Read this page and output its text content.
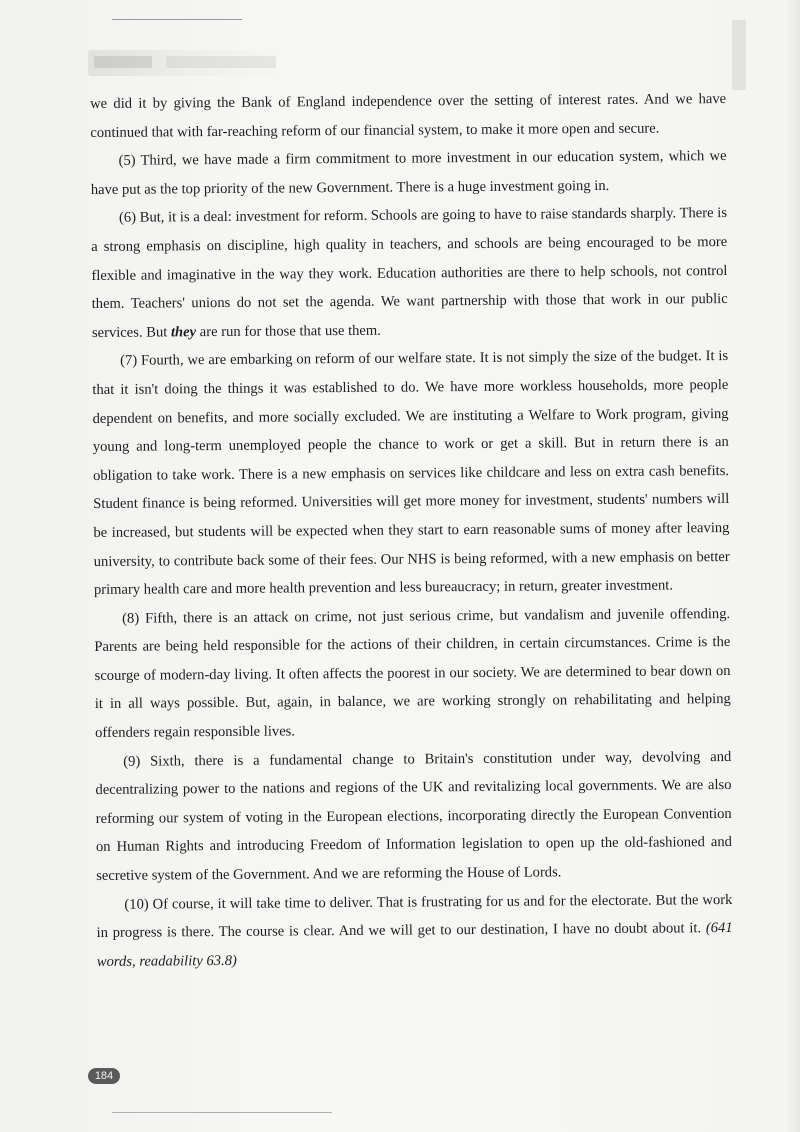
we did it by giving the Bank of England independence over the setting of interest rates. And we have continued that with far-reaching reform of our financial system, to make it more open and secure.

(5) Third, we have made a firm commitment to more investment in our education system, which we have put as the top priority of the new Government. There is a huge investment going in.

(6) But, it is a deal: investment for reform. Schools are going to have to raise standards sharply. There is a strong emphasis on discipline, high quality in teachers, and schools are being encouraged to be more flexible and imaginative in the way they work. Education authorities are there to help schools, not control them. Teachers' unions do not set the agenda. We want partnership with those that work in our public services. But they are run for those that use them.

(7) Fourth, we are embarking on reform of our welfare state. It is not simply the size of the budget. It is that it isn't doing the things it was established to do. We have more workless households, more people dependent on benefits, and more socially excluded. We are instituting a Welfare to Work program, giving young and long-term unemployed people the chance to work or get a skill. But in return there is an obligation to take work. There is a new emphasis on services like childcare and less on extra cash benefits. Student finance is being reformed. Universities will get more money for investment, students' numbers will be increased, but students will be expected when they start to earn reasonable sums of money after leaving university, to contribute back some of their fees. Our NHS is being reformed, with a new emphasis on better primary health care and more health prevention and less bureaucracy; in return, greater investment.

(8) Fifth, there is an attack on crime, not just serious crime, but vandalism and juvenile offending. Parents are being held responsible for the actions of their children, in certain circumstances. Crime is the scourge of modern-day living. It often affects the poorest in our society. We are determined to bear down on it in all ways possible. But, again, in balance, we are working strongly on rehabilitating and helping offenders regain responsible lives.

(9) Sixth, there is a fundamental change to Britain's constitution under way, devolving and decentralizing power to the nations and regions of the UK and revitalizing local governments. We are also reforming our system of voting in the European elections, incorporating directly the European Convention on Human Rights and introducing Freedom of Information legislation to open up the old-fashioned and secretive system of the Government. And we are reforming the House of Lords.

(10) Of course, it will take time to deliver. That is frustrating for us and for the electorate. But the work in progress is there. The course is clear. And we will get to our destination, I have no doubt about it. (641 words, readability 63.8)

184
